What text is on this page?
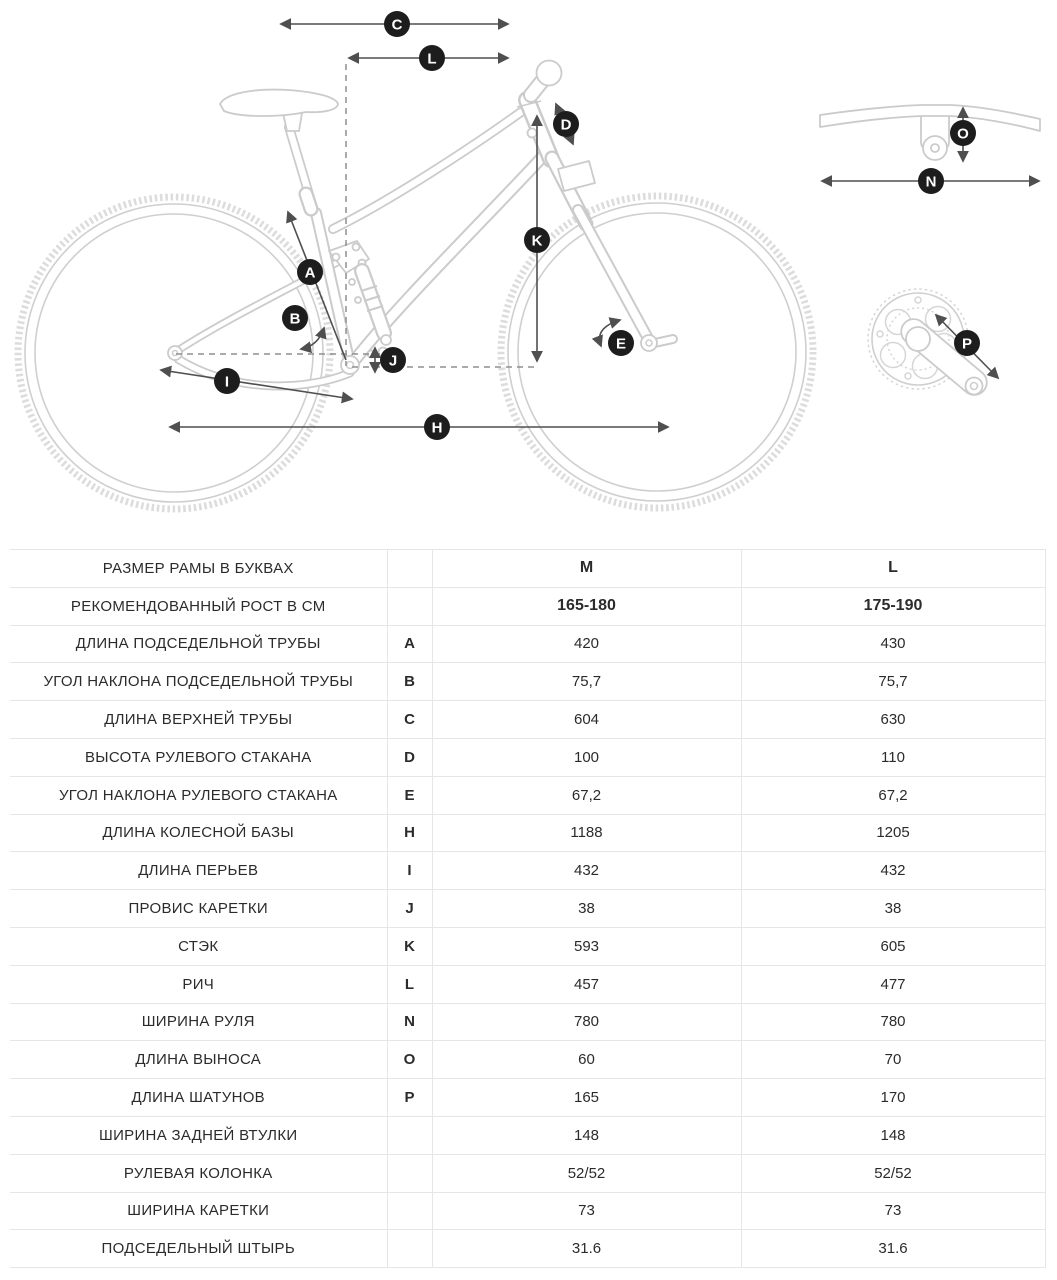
C
L
D
K
A
B
E
J
I
H
N
O
P
РАЗМЕР РАМЫ В БУКВАХ		M	L
РЕКОМЕНДОВАННЫЙ РОСТ В СМ		165-180	175-190
ДЛИНА ПОДСЕДЕЛЬНОЙ ТРУБЫ	A	420	430
УГОЛ НАКЛОНА ПОДСЕДЕЛЬНОЙ ТРУБЫ	B	75,7	75,7
ДЛИНА ВЕРХНЕЙ ТРУБЫ	C	604	630
ВЫСОТА РУЛЕВОГО СТАКАНА	D	100	110
УГОЛ НАКЛОНА РУЛЕВОГО СТАКАНА	E	67,2	67,2
ДЛИНА КОЛЕСНОЙ БАЗЫ	H	1188	1205
ДЛИНА ПЕРЬЕВ	I	432	432
ПРОВИС КАРЕТКИ	J	38	38
СТЭК	K	593	605
РИЧ	L	457	477
ШИРИНА РУЛЯ	N	780	780
ДЛИНА ВЫНОСА	O	60	70
ДЛИНА ШАТУНОВ	P	165	170
ШИРИНА ЗАДНЕЙ ВТУЛКИ		148	148
РУЛЕВАЯ КОЛОНКА		52/52	52/52
ШИРИНА КАРЕТКИ		73	73
ПОДСЕДЕЛЬНЫЙ ШТЫРЬ		31.6	31.6
